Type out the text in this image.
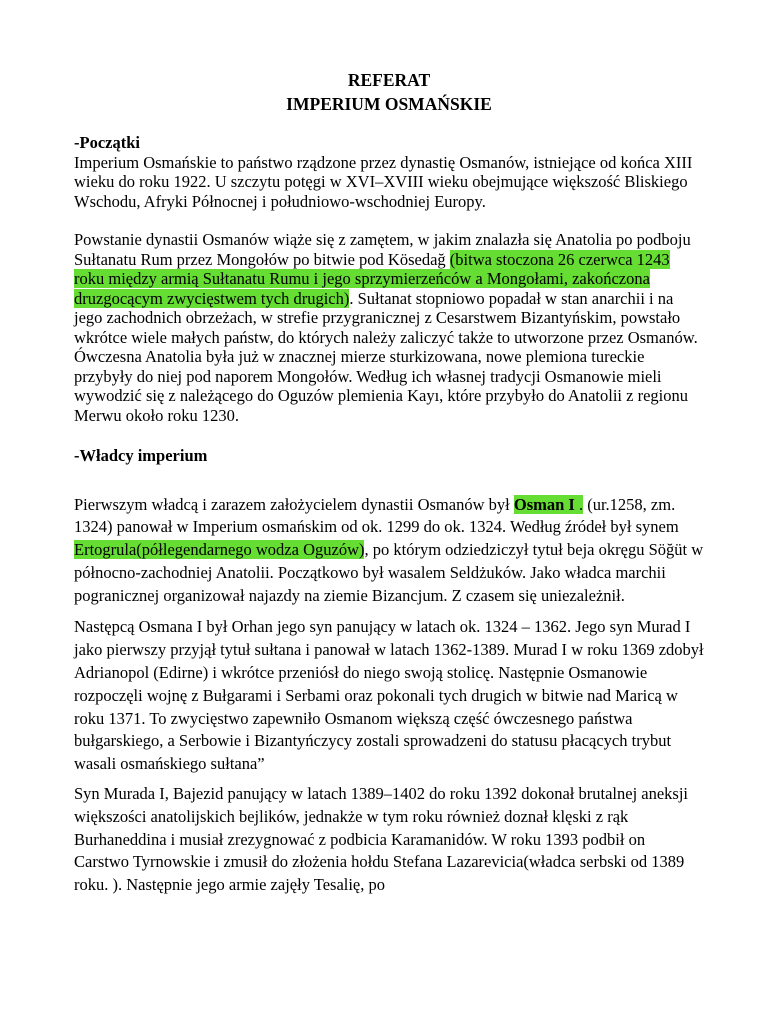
REFERAT

IMPERIUM OSMAŃSKIE

-Początki

Imperium Osmańskie to państwo rządzone przez dynastię Osmanów, istniejące od końca XIII wieku do roku 1922. U szczytu potęgi w XVI–XVIII wieku obejmujące większość Bliskiego Wschodu, Afryki Północnej i południowo-wschodniej Europy.

Powstanie dynastii Osmanów wiąże się z zamętem, w jakim znalazła się Anatolia po podboju Sułtanatu Rum przez Mongołów po bitwie pod Kösedağ (bitwa stoczona 26 czerwca 1243 roku między armią Sułtanatu Rumu i jego sprzymierzeńców a Mongołami, zakończona druzgocącym zwycięstwem tych drugich). Sułtanat stopniowo popadał w stan anarchii i na jego zachodnich obrzeżach, w strefie przygranicznej z Cesarstwem Bizantyńskim, powstało wkrótce wiele małych państw, do których należy zaliczyć także to utworzone przez Osmanów. Ówczesna Anatolia była już w znacznej mierze sturkizowana, nowe plemiona tureckie przybyły do niej pod naporem Mongołów. Według ich własnej tradycji Osmanowie mieli wywodzić się z należącego do Oguzów plemienia Kayı, które przybyło do Anatolii z regionu Merwu około roku 1230.

-Władcy imperium

Pierwszym władcą i zarazem założycielem dynastii Osmanów był Osman I . (ur.1258, zm. 1324) panował w Imperium osmańskim od ok. 1299 do ok. 1324. Według źródeł był synem Ertogrula(półlegendarnego wodza Oguzów), po którym odziedziczył tytuł beja okręgu Söğüt w północno-zachodniej Anatolii. Początkowo był wasalem Seldżuków. Jako władca marchii pogranicznej organizował najazdy na ziemie Bizancjum. Z czasem się uniezależnił.

Następcą Osmana I był Orhan jego syn panujący w latach ok. 1324 – 1362. Jego syn Murad I jako pierwszy przyjął tytuł sułtana i panował w latach 1362-1389. Murad I w roku 1369 zdobył Adrianopol (Edirne) i wkrótce przeniósł do niego swoją stolicę. Następnie Osmanowie rozpoczęli wojnę z Bułgarami i Serbami oraz pokonali tych drugich w bitwie nad Maricą w roku 1371. To zwycięstwo zapewniło Osmanom większą część ówczesnego państwa bułgarskiego, a Serbowie i Bizantyńczycy zostali sprowadzeni do statusu płacących trybut wasali osmańskiego sułtana”

Syn Murada I, Bajezid panujący w latach 1389–1402 do roku 1392 dokonał brutalnej aneksji większości anatolijskich bejlików, jednakże w tym roku również doznał klęski z rąk Burhaneddina i musiał zrezygnować z podbicia Karamanidów. W roku 1393 podbił on Carstwo Tyrnowskie i zmusił do złożenia hołdu Stefana Lazarevicia(władca serbski od 1389 roku. ). Następnie jego armie zajęły Tesalię, po
